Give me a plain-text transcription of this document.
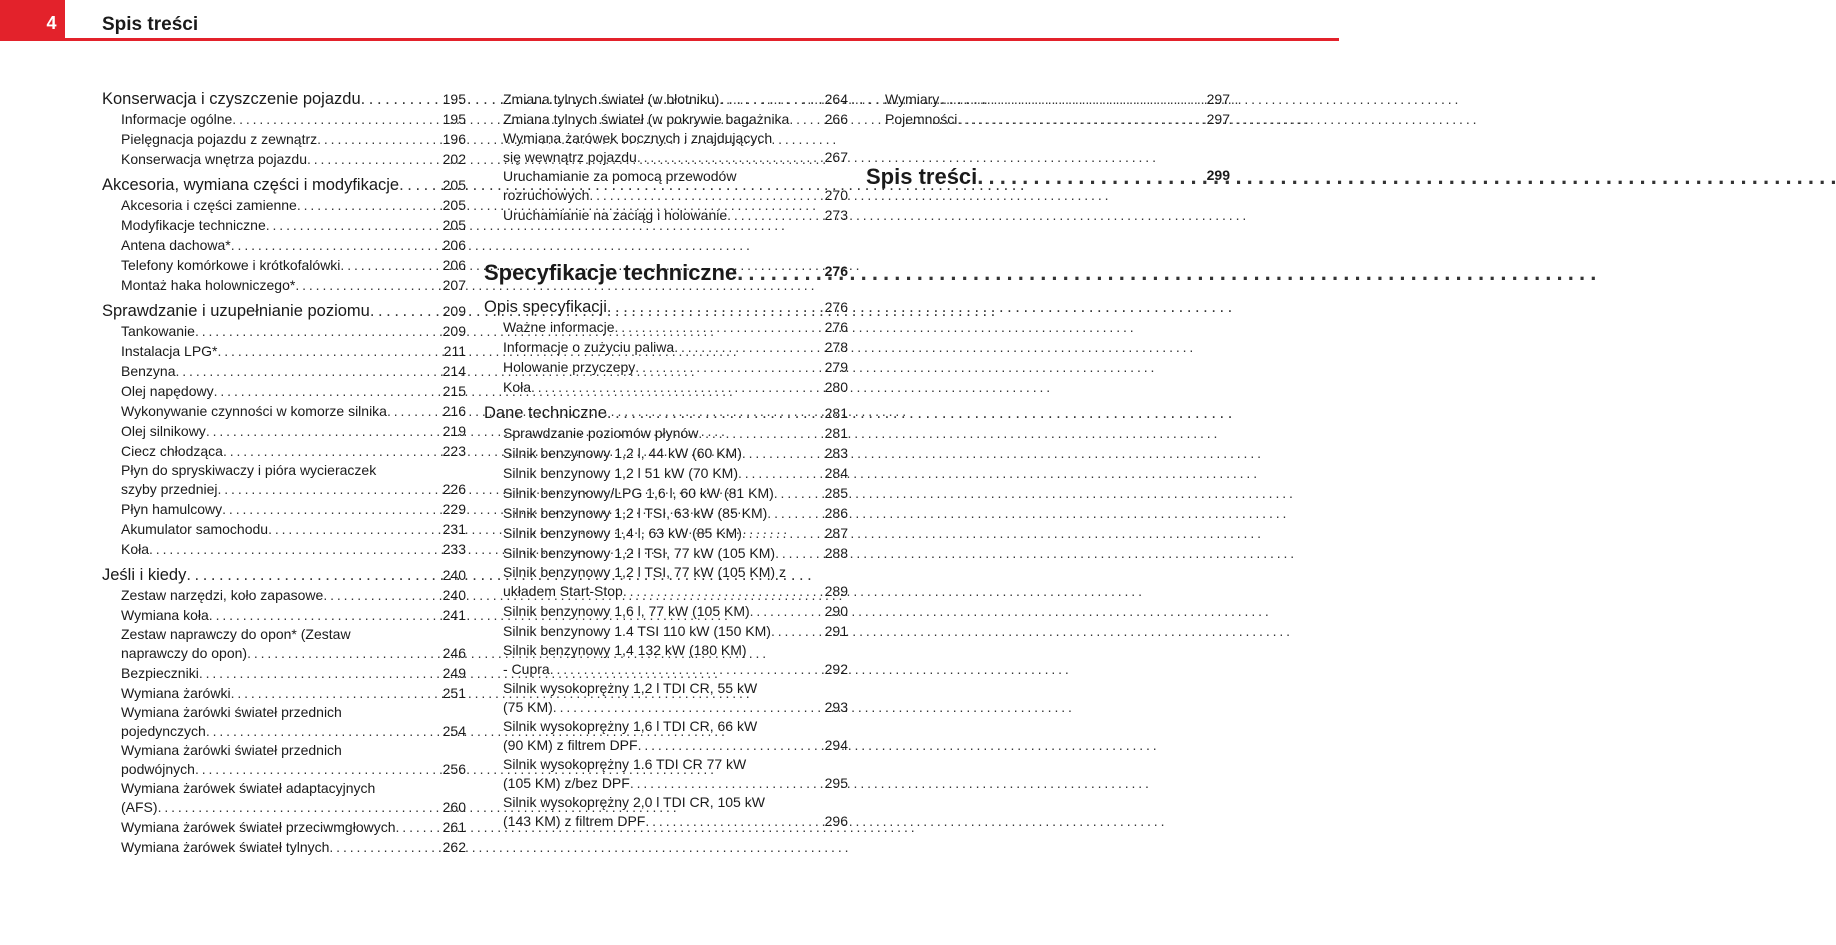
4	Spis treści
Konserwacja i czyszczenie pojazdu . . .	195
Informacje ogólne . . .	195
Pielęgnacja pojazdu z zewnątrz . . .	196
Konserwacja wnętrza pojazdu . . .	202
Akcesoria, wymiana części i modyfikacje . . .	205
Akcesoria i części zamienne . . .	205
Modyfikacje techniczne . . .	205
Antena dachowa* . . .	206
Telefony komórkowe i krótkofalówki . . .	206
Montaż haka holowniczego* . . .	207
Sprawdzanie i uzupełnianie poziomu . . .	209
Tankowanie . . .	209
Instalacja LPG* . . .	211
Benzyna . . .	214
Olej napędowy . . .	215
Wykonywanie czynności w komorze silnika . . .	216
Olej silnikowy . . .	219
Ciecz chłodząca . . .	223
Płyn do spryskiwaczy i pióra wycieraczek
szyby przedniej . . .	226
Płyn hamulcowy . . .	229
Akumulator samochodu . . .	231
Koła . . .	233
Jeśli i kiedy . . .	240
Zestaw narzędzi, koło zapasowe . . .	240
Wymiana koła . . .	241
Zestaw naprawczy do opon* (Zestaw
naprawczy do opon) . . .	246
Bezpieczniki . . .	249
Wymiana żarówki . . .	251
Wymiana żarówki świateł przednich
pojedynczych . . .	254
Wymiana żarówki świateł przednich
podwójnych . . .	256
Wymiana żarówek świateł adaptacyjnych
(AFS) . . .	260
Wymiana żarówek świateł przeciwmgłowych . . .	261
Wymiana żarówek świateł tylnych . . .	262
Zmiana tylnych świateł (w błotniku) . . .	264
Zmiana tylnych świateł (w pokrywie bagażnika . . .	266
Wymiana żarówek bocznych i znajdujących
się wewnątrz pojazdu . . .	267
Uruchamianie za pomocą przewodów
rozruchowych . . .	270
Uruchamianie na zaciąg i holowanie . . .	273
Specyfikacje techniczne . . .	276
Opis specyfikacji . . .	276
Ważne informacje . . .	276
Informacje o zużyciu paliwa . . .	278
Holowanie przyczepy . . .	279
Koła . . .	280
Dane techniczne . . .	281
Sprawdzanie poziomów płynów . . .	281
Silnik benzynowy 1,2 l, 44 kW (60 KM) . . .	283
Silnik benzynowy 1,2 l 51 kW (70 KM) . . .	284
Silnik benzynowy/LPG 1,6 l, 60 kW (81 KM) . . .	285
Silnik benzynowy 1,2 l TSI, 63 kW (85 KM) . . .	286
Silnik benzynowy 1,4 l, 63 kW (85 KM) . . .	287
Silnik benzynowy 1,2 l TSI, 77 kW (105 KM) . . .	288
Silnik benzynowy 1,2 l TSI, 77 kW (105 KM) z
układem Start-Stop . . .	289
Silnik benzynowy 1,6 l, 77 kW (105 KM) . . .	290
Silnik benzynowy 1.4 TSI 110 kW (150 KM) . . .	291
Silnik benzynowy 1,4 132 kW (180 KM)
- Cupra . . .	292
Silnik wysokoprężny 1,2 l TDI CR, 55 kW
(75 KM) . . .	293
Silnik wysokoprężny 1,6 l TDI CR, 66 kW
(90 KM) z filtrem DPF . . .	294
Silnik wysokoprężny 1.6 TDI CR 77 kW
(105 KM) z/bez DPF . . .	295
Silnik wysokoprężny 2,0 l TDI CR, 105 kW
(143 KM) z filtrem DPF . . .	296
Wymiary . . .	297
Pojemności . . .	297
Spis treści . . .	299
